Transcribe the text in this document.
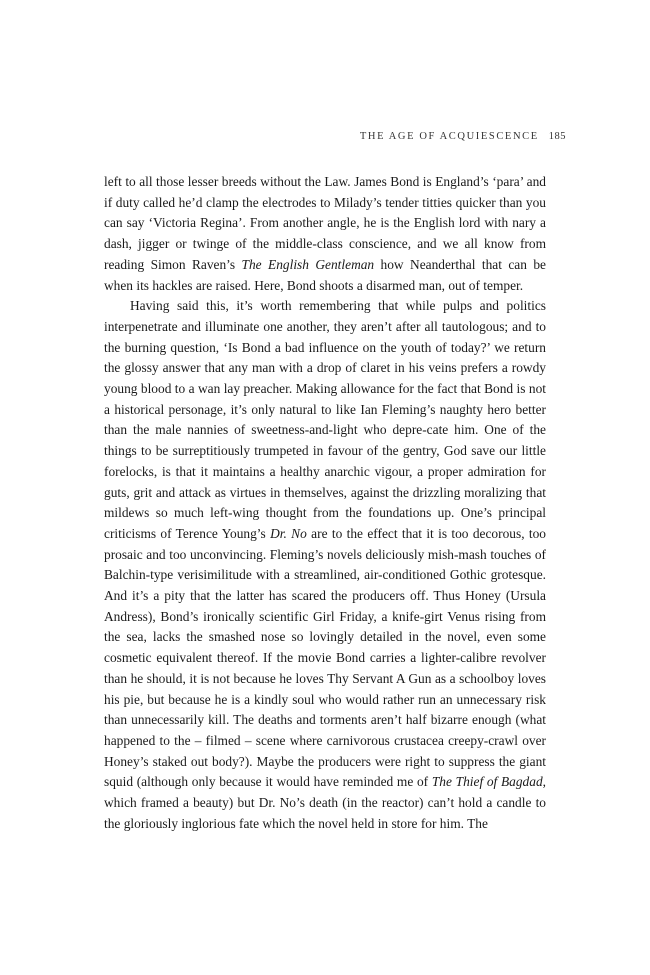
THE AGE OF ACQUIESCENCE 185

left to all those lesser breeds without the Law. James Bond is England’s ‘para’ and if duty called he’d clamp the electrodes to Milady’s tender titties quicker than you can say ‘Victoria Regina’. From another angle, he is the English lord with nary a dash, jigger or twinge of the middle-class conscience, and we all know from reading Simon Raven’s The English Gentleman how Neanderthal that can be when its hackles are raised. Here, Bond shoots a disarmed man, out of temper.

Having said this, it’s worth remembering that while pulps and politics interpenetrate and illuminate one another, they aren’t after all tautologous; and to the burning question, ‘Is Bond a bad influence on the youth of today?’ we return the glossy answer that any man with a drop of claret in his veins prefers a rowdy young blood to a wan lay preacher. Making allowance for the fact that Bond is not a historical personage, it’s only natural to like Ian Fleming’s naughty hero better than the male nannies of sweetness-and-light who depre-cate him. One of the things to be surreptitiously trumpeted in favour of the gentry, God save our little forelocks, is that it maintains a healthy anarchic vigour, a proper admiration for guts, grit and attack as virtues in themselves, against the drizzling moralizing that mildews so much left-wing thought from the foundations up. One’s principal criticisms of Terence Young’s Dr. No are to the effect that it is too decorous, too prosaic and too unconvincing. Fleming’s novels deliciously mish-mash touches of Balchin-type verisimilitude with a streamlined, air-conditioned Gothic grotesque. And it’s a pity that the latter has scared the producers off. Thus Honey (Ursula Andress), Bond’s ironically scientific Girl Friday, a knife-girt Venus rising from the sea, lacks the smashed nose so lovingly detailed in the novel, even some cosmetic equivalent thereof. If the movie Bond carries a lighter-calibre revolver than he should, it is not because he loves Thy Servant A Gun as a schoolboy loves his pie, but because he is a kindly soul who would rather run an unnecessary risk than unnecessarily kill. The deaths and torments aren’t half bizarre enough (what happened to the – filmed – scene where carnivorous crustacea creepy-crawl over Honey’s staked out body?). Maybe the producers were right to suppress the giant squid (although only because it would have reminded me of The Thief of Bagdad, which framed a beauty) but Dr. No’s death (in the reactor) can’t hold a candle to the gloriously inglorious fate which the novel held in store for him. The
